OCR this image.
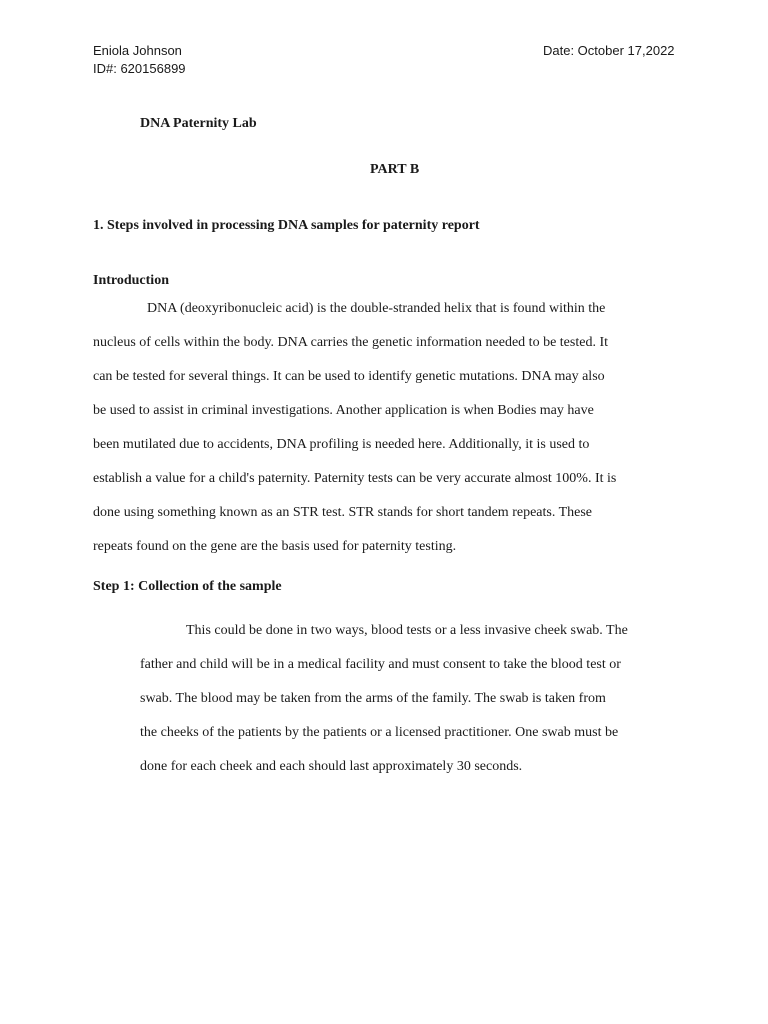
Eniola Johnson
ID#: 620156899
Date: October 17,2022
DNA Paternity Lab
PART B
1. Steps involved in processing DNA samples for paternity report
Introduction
DNA (deoxyribonucleic acid) is the double-stranded helix that is found within the
nucleus of cells within the body. DNA carries the genetic information needed to be tested. It
can be tested for several things. It can be used to identify genetic mutations. DNA may also
be used to assist in criminal investigations. Another application is when Bodies may have
been mutilated due to accidents, DNA profiling is needed here. Additionally, it is used to
establish a value for a child's paternity. Paternity tests can be very accurate almost 100%. It is
done using something known as an STR test. STR stands for short tandem repeats. These
repeats found on the gene are the basis used for paternity testing.
Step 1: Collection of the sample
This could be done in two ways, blood tests or a less invasive cheek swab. The
father and child will be in a medical facility and must consent to take the blood test or
swab. The blood may be taken from the arms of the family. The swab is taken from
the cheeks of the patients by the patients or a licensed practitioner. One swab must be
done for each cheek and each should last approximately 30 seconds.
